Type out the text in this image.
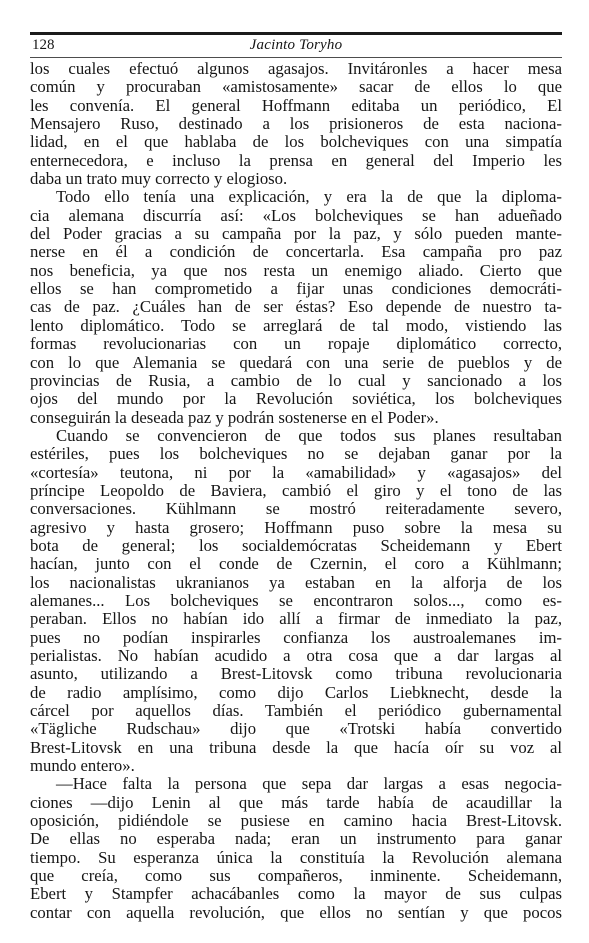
128	Jacinto Toryho
los cuales efectuó algunos agasajos. Invitáronles a hacer mesa
común y procuraban «amistosamente» sacar de ellos lo que
les convenía. El general Hoffmann editaba un periódico, El
Mensajero Ruso, destinado a los prisioneros de esta naciona-
lidad, en el que hablaba de los bolcheviques con una simpatía
enternecedora, e incluso la prensa en general del Imperio les
daba un trato muy correcto y elogioso.
Todo ello tenía una explicación, y era la de que la diploma-
cia alemana discurría así: «Los bolcheviques se han adueñado
del Poder gracias a su campaña por la paz, y sólo pueden mante-
nerse en él a condición de concertarla. Esa campaña pro paz
nos beneficia, ya que nos resta un enemigo aliado. Cierto que
ellos se han comprometido a fijar unas condiciones democráti-
cas de paz. ¿Cuáles han de ser éstas? Eso depende de nuestro ta-
lento diplomático. Todo se arreglará de tal modo, vistiendo las
formas revolucionarias con un ropaje diplomático correcto,
con lo que Alemania se quedará con una serie de pueblos y de
provincias de Rusia, a cambio de lo cual y sancionado a los
ojos del mundo por la Revolución soviética, los bolcheviques
conseguirán la deseada paz y podrán sostenerse en el Poder».
Cuando se convencieron de que todos sus planes resultaban
estériles, pues los bolcheviques no se dejaban ganar por la
«cortesía» teutona, ni por la «amabilidad» y «agasajos» del
príncipe Leopoldo de Baviera, cambió el giro y el tono de las
conversaciones. Kühlmann se mostró reiteradamente severo,
agresivo y hasta grosero; Hoffmann puso sobre la mesa su
bota de general; los socialdemócratas Scheidemann y Ebert
hacían, junto con el conde de Czernin, el coro a Kühlmann;
los nacionalistas ukranianos ya estaban en la alforja de los
alemanes... Los bolcheviques se encontraron solos..., como es-
peraban. Ellos no habían ido allí a firmar de inmediato la paz,
pues no podían inspirarles confianza los austroalemanes im-
perialistas. No habían acudido a otra cosa que a dar largas al
asunto, utilizando a Brest-Litovsk como tribuna revolucionaria
de radio amplísimo, como dijo Carlos Liebknecht, desde la
cárcel por aquellos días. También el periódico gubernamental
«Tägliche Rudschau» dijo que «Trotski había convertido
Brest-Litovsk en una tribuna desde la que hacía oír su voz al
mundo entero».
—Hace falta la persona que sepa dar largas a esas negocia-
ciones —dijo Lenin al que más tarde había de acaudillar la
oposición, pidiéndole se pusiese en camino hacia Brest-Litovsk.
De ellas no esperaba nada; eran un instrumento para ganar
tiempo. Su esperanza única la constituía la Revolución alemana
que creía, como sus compañeros, inminente. Scheidemann,
Ebert y Stampfer achacábanles como la mayor de sus culpas
contar con aquella revolución, que ellos no sentían y que pocos
